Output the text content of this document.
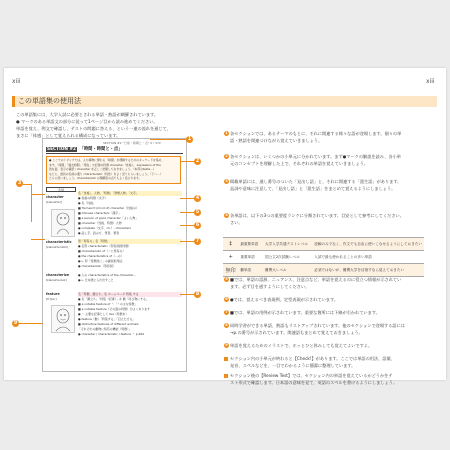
xiii	xiii
この単語集の使用法
この単語集には、大学入試に必要とされる単語・熟語が網羅されています。
● マークのある単語文の部分に従って1ページ目から読み進めてください。
単語を覚え、例文で確認し、テストの問題に答える、という一連の流れを通じて、
まさに「体感」として覚えられる構成になっています。
SECTION #2 "日常・時間と・点" 0 / 372
SECTION #2 「時間・時間と・点」
● ここでのトピックでは、人や事物に関わる「時間」を理解するためのキーワードを集め、
ます。「時間」「過去時間」「現在」や記憶の特徴 character（性格）」 expression of the
的な面、表示の確認 / character を正しく把握しておきましょう。（本部のtexta…）
などに、最初の名前の通り characteristic（特性）をよく見てもらいましょう。（下へ…）
ともに使いましょう。characteristic の理解度の点でもよく役立ちます。
名詞
character
[kǽrəktər]
名「性格」、人物、「特徴」「登場人物」「文字」
● 性格の特徴（文字）
● 名「性格」
■ He hasn't (mind of) character（性格の）
■ Chinese characters「漢字」
■ a person of good character「よい人物」
■ character（性格、特徴）人物
● complete（文字、ch.）, characters
● 話し手、読み方、筆者、著者
characteristic
[kæ̀rəktərístik]
形「特有の」名「特徴」
● 名形 characteristic（形容詞的特徴）
■ characteristic of（〜に特有の）
● the characteristics of（…の）
● ← 形「特徴的に」の副詞的用法
● characteristic（形容詞）
characterize
[kǽrəktəràɪz]
● 人の characteristics of the character…
● ← 日本語に入れ出すこと
feature
[fíːtʃər]
名「特徴、顔立ち」名 ホームページ 特集 する
● 名「顔立ち」「特集（記事）」を 動「呼び物にする」
■ a notable feature of 〜「〜の主な特徴」
■ a notable feature（その面の特徴）がよくあります
● 〜 主要な記事として fea（特徴を）
● feature（動）「特集する」「目立たせる」
■ distinctive features of different animals
「それぞれの動物に特有の機能（特徴）」
● character / characteristic / feature 〜 p.284
1
2
3
4
5
6
7
8
9
1 各セクションでは、あるテーマのもとに、それに関連する様々な語が登場します。個々の単
語・熟語を関連づけながら覚えていきましょう。
2 各セクションは、いくつかの小単元に分かれています。まず●マークの解説を読み、各小単
元のコンセプトを理解した上で、それぞれの単語を覚えていきましょう。
3 掲載単語には、通し番号のついた「見出し語」と、それに関連する「派生語」があります。
品詞や意味に注意して、「見出し語」と「派生語」をまとめて覚えるようにしましょう。
4 各単語は、以下の3つの重要度ランクに分類されています。目安として参考にしてください。
さい。
‡	最重要単語	大学入学共通テストレベル	読解のみでなく、作文でも自由に使いこなせるようにしておきたい
+	重要単語	国公立2次試験レベル	入試で最も使われることの多い単語
無印	難単語	難関大レベル	必須ではないが、難関大学を目指すなら覚えておきたい
5 ■では、単語の語源、ニュアンス、注意点など、単語を覚えるのに役立つ情報が示されてい
ます。必ず目を通すようにしてください。
6 ●では、覚えるべき表現例、定型表現が示されています。
7 ■では、単語の用例が示されています。重要な箇所には下線が引かれています。
8 同時学習ができる単語、熟語もリストアップされています。他のセクションで登場する語には
→p.の番号が示されています。関連語もまとめて覚えておきましょう。
9 単語を覚えるためのイラストで、ホッとひと休みしても覚えてよいですよ。
セクション内の小単元が終わると【Check!】があります。ここでは単語の用法、語彙、
発音、スペルなどを、一目でわかるように簡潔に整理しています。
セクション後の【Review Test】では、セクション内の単語を覚えているかどうかをテ
スト形式で確認します。日本語の意味を見て、英語のスペルを書けるようにしましょう。
